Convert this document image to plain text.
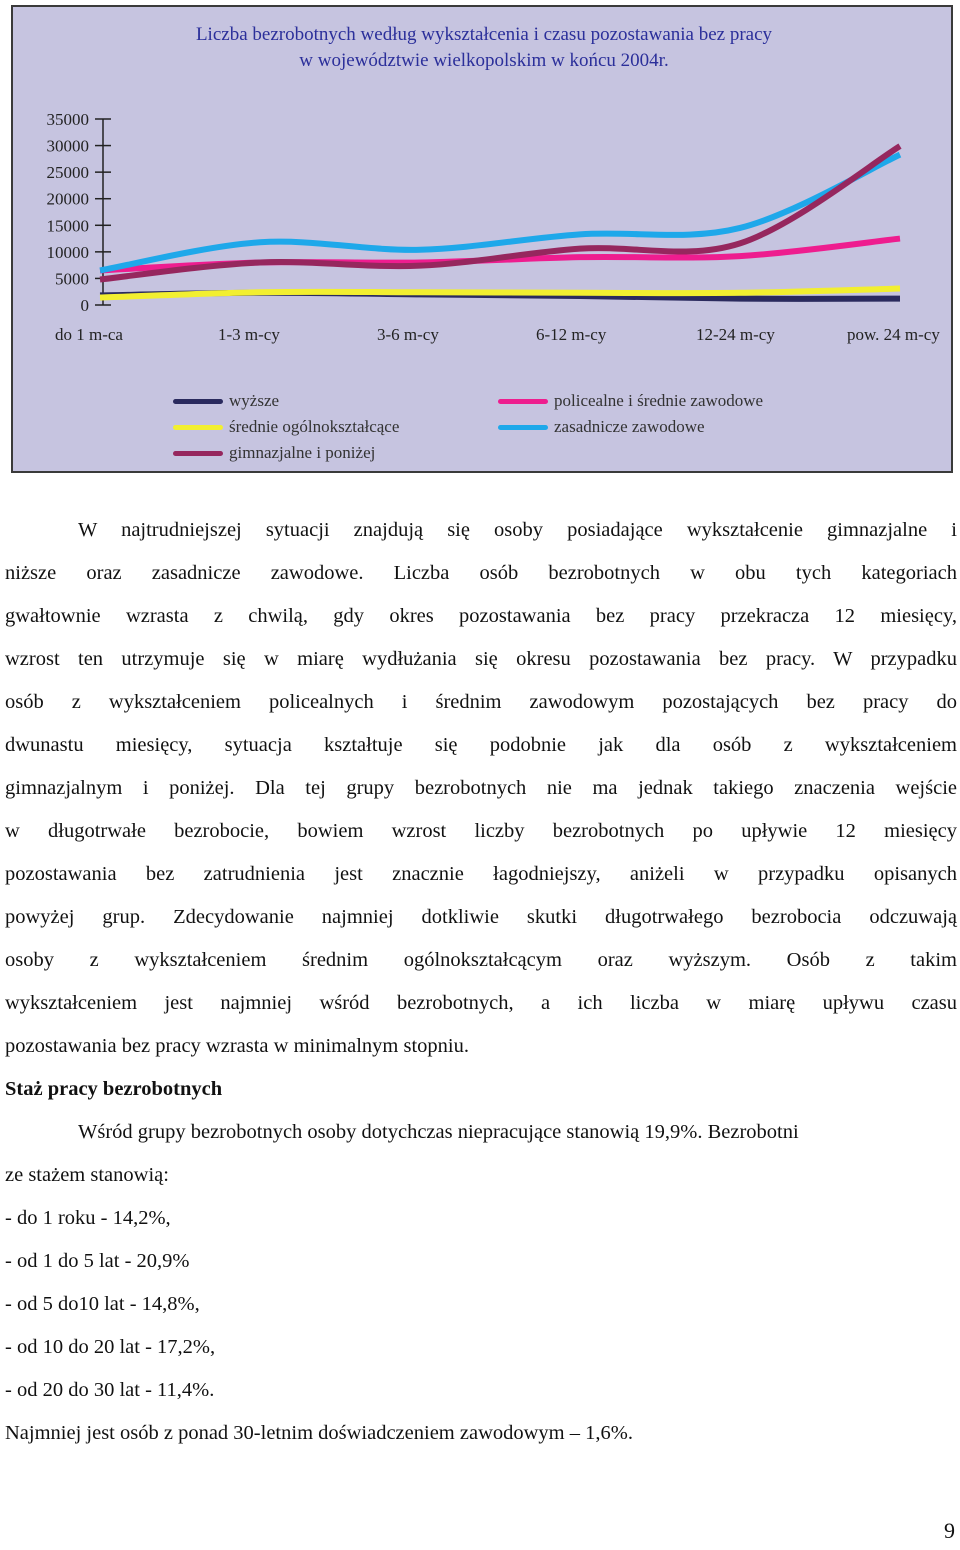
Liczba bezrobotnych według wykształcenia i czasu pozostawania bez pracy
w województwie wielkopolskim w końcu 2004r.
35000
30000
25000
20000
15000
10000
5000
0
do 1 m-ca	1-3 m-cy	3-6 m-cy	6-12 m-cy	12-24 m-cy	pow. 24 m-cy
wyższe
średnie ogólnokształcące
gimnazjalne i poniżej
policealne i średnie zawodowe
zasadnicze zawodowe
W najtrudniejszej sytuacji znajdują się osoby posiadające wykształcenie gimnazjalne i
niższe oraz zasadnicze zawodowe. Liczba osób bezrobotnych w obu tych kategoriach
gwałtownie wzrasta z chwilą, gdy okres pozostawania bez pracy przekracza 12 miesięcy,
wzrost ten utrzymuje się w miarę wydłużania się okresu pozostawania bez pracy. W przypadku
osób z wykształceniem policealnych i średnim zawodowym pozostających bez pracy do
dwunastu miesięcy, sytuacja kształtuje się podobnie jak dla osób z wykształceniem
gimnazjalnym i poniżej. Dla tej grupy bezrobotnych nie ma jednak takiego znaczenia wejście
w długotrwałe bezrobocie, bowiem wzrost liczby bezrobotnych po upływie 12 miesięcy
pozostawania bez zatrudnienia jest znacznie łagodniejszy, aniżeli w przypadku opisanych
powyżej grup. Zdecydowanie najmniej dotkliwie skutki długotrwałego bezrobocia odczuwają
osoby z wykształceniem średnim ogólnokształcącym oraz wyższym. Osób z takim
wykształceniem jest najmniej wśród bezrobotnych, a ich liczba w miarę upływu czasu
pozostawania bez pracy wzrasta w minimalnym stopniu.
Staż pracy bezrobotnych
Wśród grupy bezrobotnych osoby dotychczas niepracujące stanowią 19,9%. Bezrobotni
ze stażem stanowią:
- do 1 roku - 14,2%,
- od 1 do 5 lat - 20,9%
- od 5 do10 lat - 14,8%,
- od 10 do 20 lat - 17,2%,
- od 20 do 30 lat - 11,4%.
Najmniej jest osób z ponad 30-letnim doświadczeniem zawodowym – 1,6%.
9
